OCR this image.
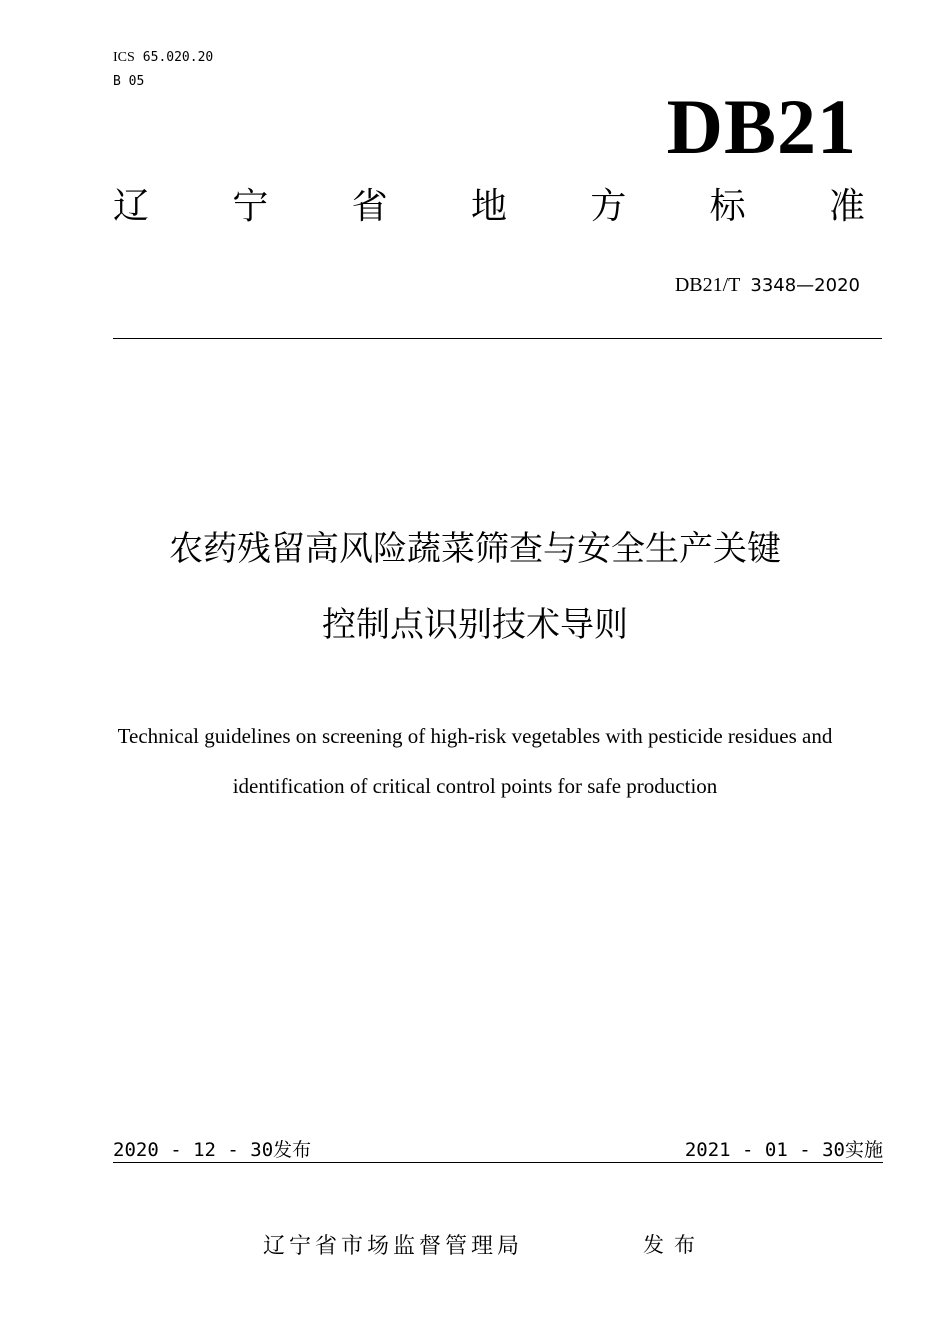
ICS 65.020.20
B 05
DB21
辽 宁 省 地 方 标 准
DB21/T 3348—2020
农药残留高风险蔬菜筛查与安全生产关键
控制点识别技术导则
Technical guidelines on screening of high-risk vegetables with pesticide residues and
identification of critical control points for safe production
2020 - 12 - 30发布	2021 - 01 - 30实施
辽宁省市场监督管理局	发布
